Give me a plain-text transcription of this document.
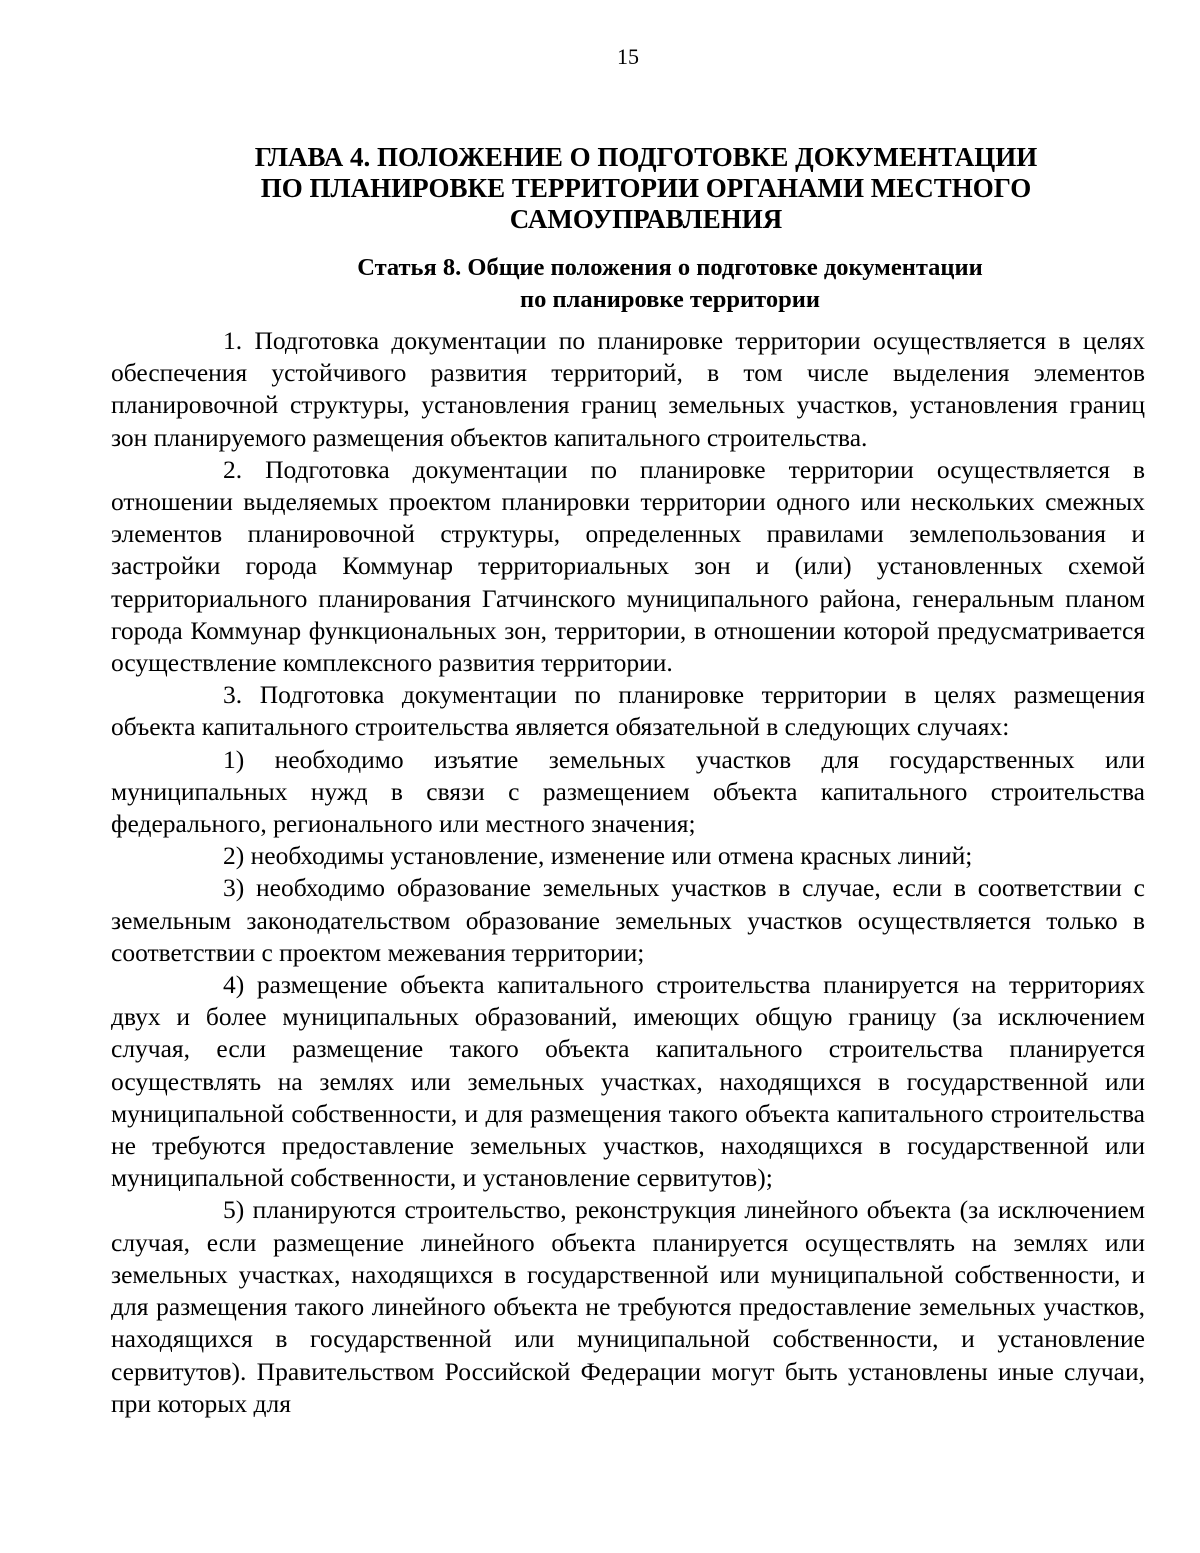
15
ГЛАВА 4. ПОЛОЖЕНИЕ О ПОДГОТОВКЕ ДОКУМЕНТАЦИИ
ПО ПЛАНИРОВКЕ ТЕРРИТОРИИ ОРГАНАМИ МЕСТНОГО
САМОУПРАВЛЕНИЯ
Статья 8. Общие положения о подготовке документации
по планировке территории

1. Подготовка документации по планировке территории осуществляется в целях обеспечения устойчивого развития территорий, в том числе выделения элементов планировочной структуры, установления границ земельных участков, установления границ зон планируемого размещения объектов капитального строительства.

2. Подготовка документации по планировке территории осуществляется в отношении выделяемых проектом планировки территории одного или нескольких смежных элементов планировочной структуры, определенных правилами землепользования и застройки города Коммунар территориальных зон и (или) установленных схемой территориального планирования Гатчинского муниципального района, генеральным планом города Коммунар функциональных зон, территории, в отношении которой предусматривается осуществление комплексного развития территории.

3. Подготовка документации по планировке территории в целях размещения объекта капитального строительства является обязательной в следующих случаях:

1) необходимо изъятие земельных участков для государственных или муниципальных нужд в связи с размещением объекта капитального строительства федерального, регионального или местного значения;

2) необходимы установление, изменение или отмена красных линий;

3) необходимо образование земельных участков в случае, если в соответствии с земельным законодательством образование земельных участков осуществляется только в соответствии с проектом межевания территории;

4) размещение объекта капитального строительства планируется на территориях двух и более муниципальных образований, имеющих общую границу (за исключением случая, если размещение такого объекта капитального строительства планируется осуществлять на землях или земельных участках, находящихся в государственной или муниципальной собственности, и для размещения такого объекта капитального строительства не требуются предоставление земельных участков, находящихся в государственной или муниципальной собственности, и установление сервитутов);

5) планируются строительство, реконструкция линейного объекта (за исключением случая, если размещение линейного объекта планируется осуществлять на землях или земельных участках, находящихся в государственной или муниципальной собственности, и для размещения такого линейного объекта не требуются предоставление земельных участков, находящихся в государственной или муниципальной собственности, и установление сервитутов). Правительством Российской Федерации могут быть установлены иные случаи, при которых для
